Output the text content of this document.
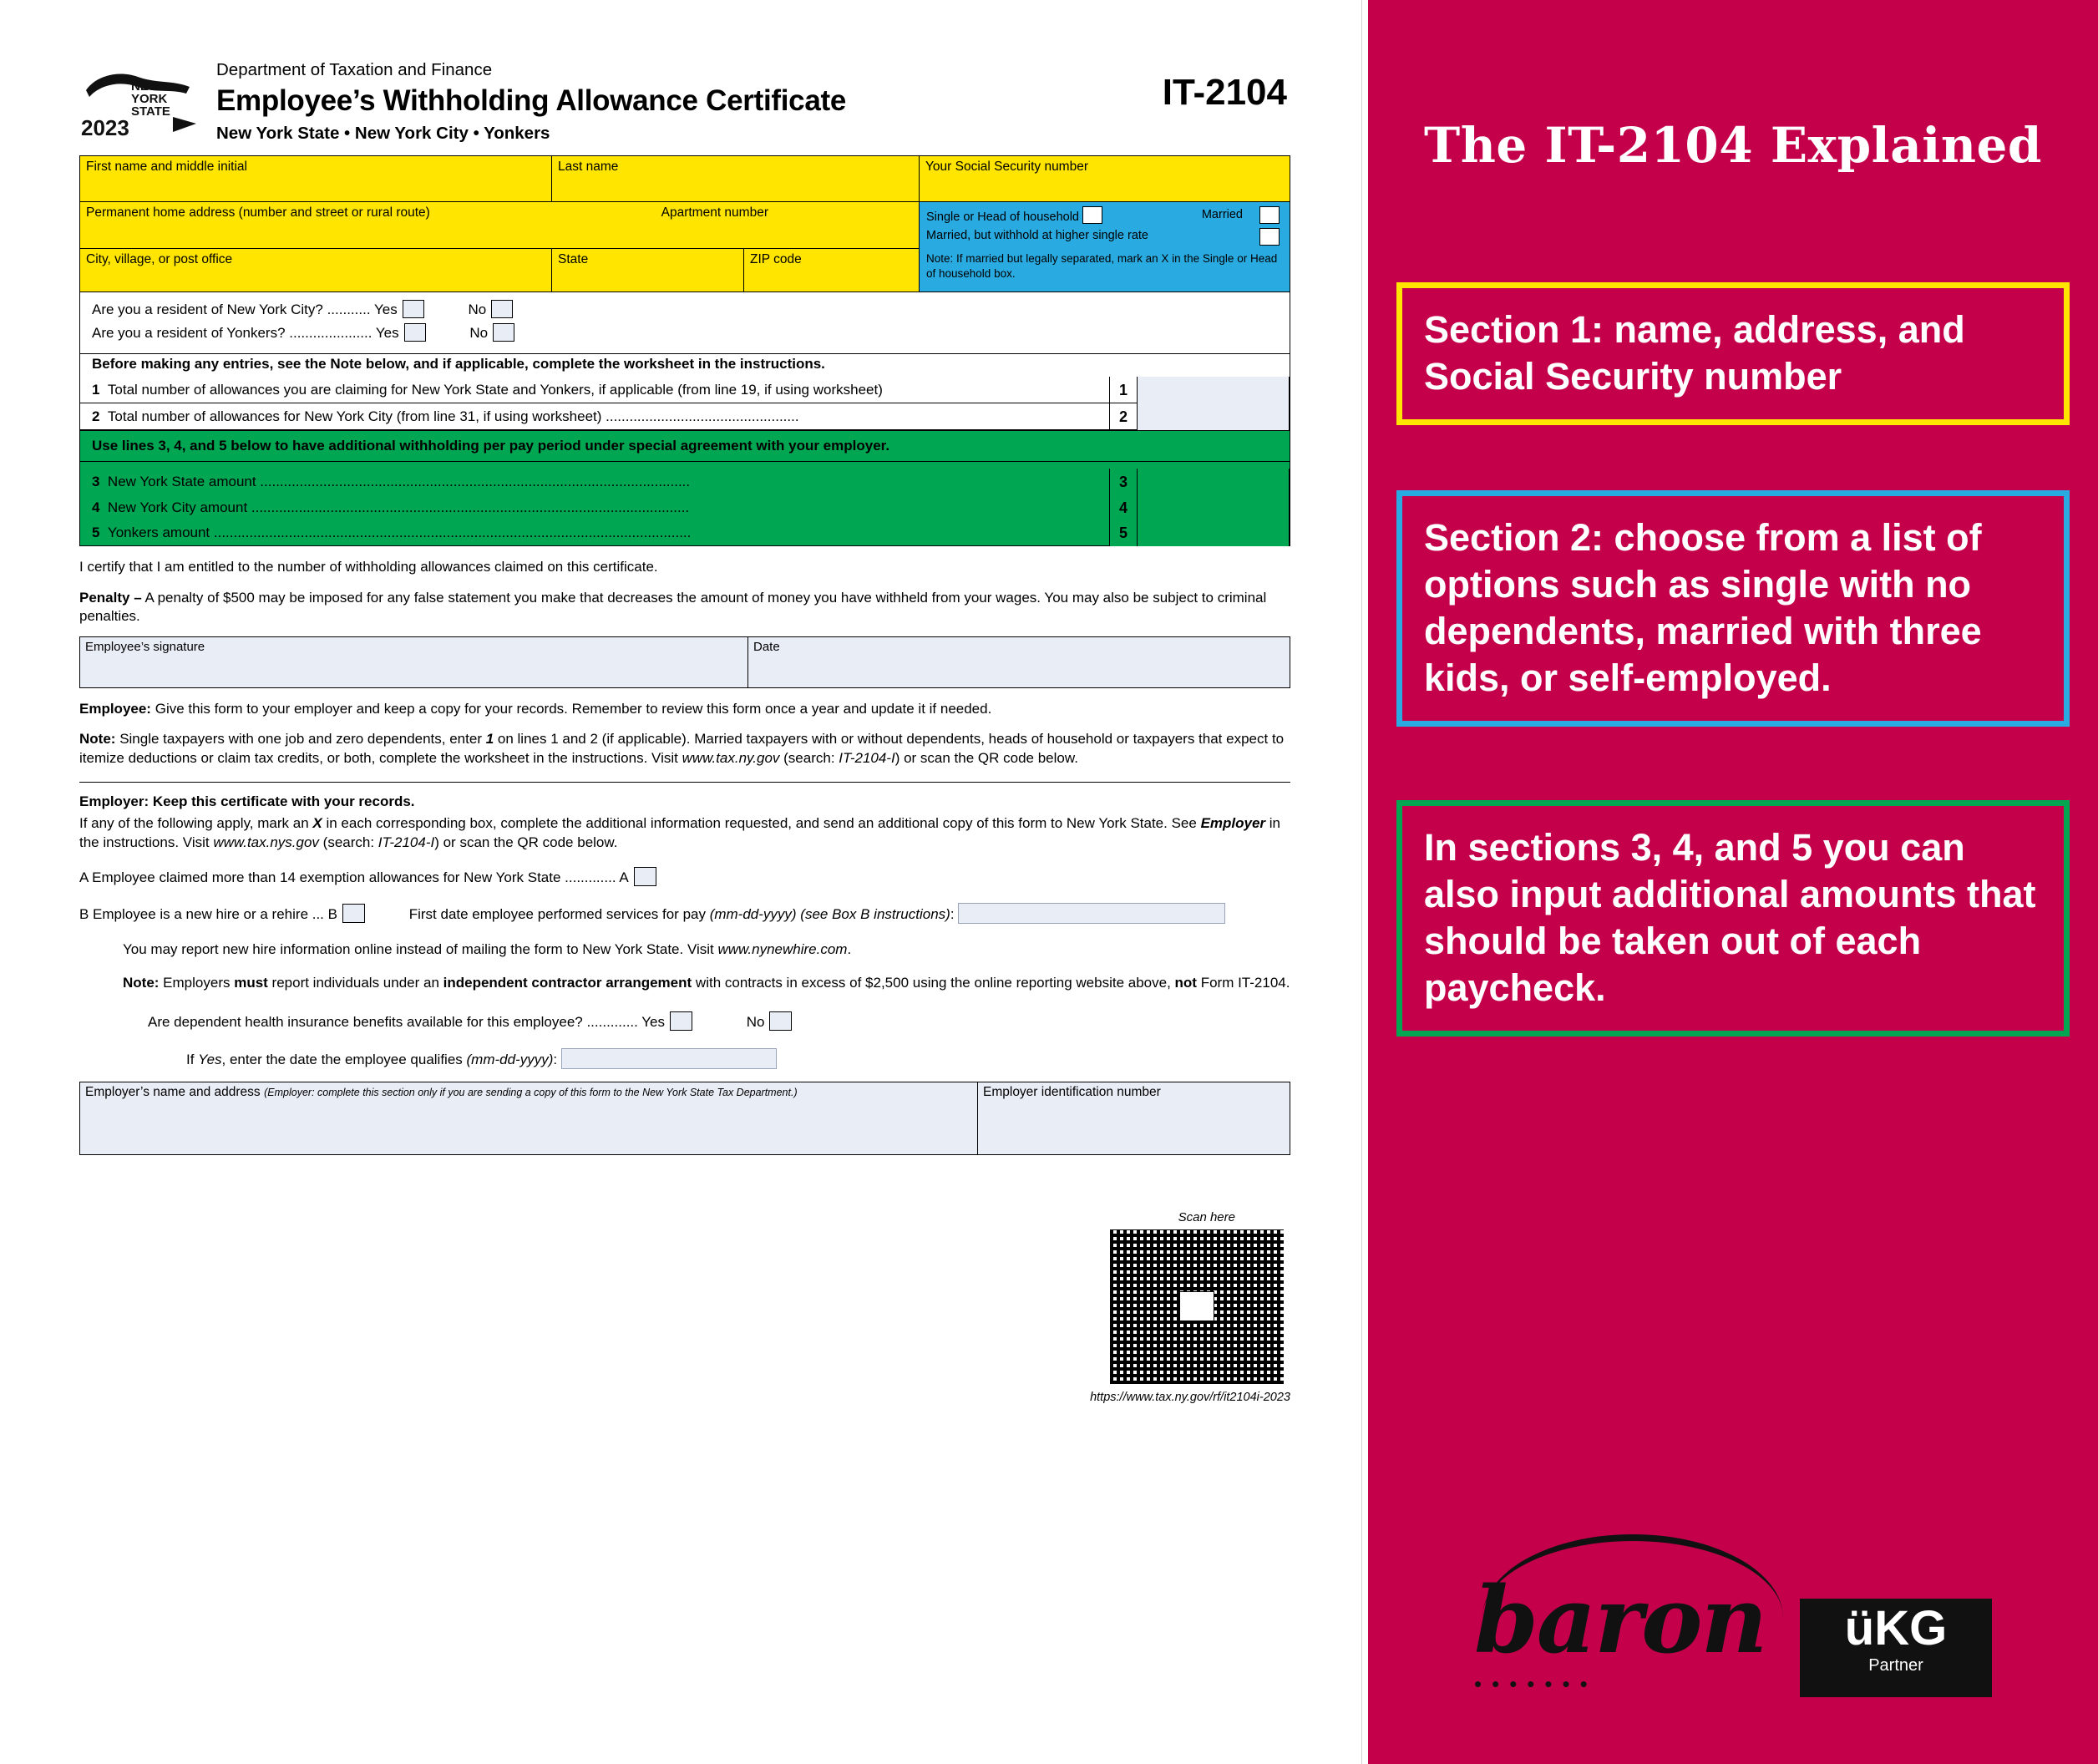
NEW
YORK
STATE
2023
Department of Taxation and Finance
Employee’s Withholding Allowance Certificate
New York State • New York City • Yonkers
IT-2104
First name and middle initial	Last name
Permanent home address (number and street or rural route)	Apartment number
City, village, or post office	State	ZIP code
Your Social Security number
Single or Head of household	Married
Married, but withhold at higher single rate
Note: If married but legally separated, mark an X in the Single or Head of household box.
Are you a resident of New York City? ........... Yes	No
Are you a resident of Yonkers? ..................... Yes	No
Before making any entries, see the Note below, and if applicable, complete the worksheet in the instructions.
1 Total number of allowances you are claiming for New York State and Yonkers, if applicable (from line 19, if using worksheet)	1
2 Total number of allowances for New York City (from line 31, if using worksheet) .................................................	2
Use lines 3, 4, and 5 below to have additional withholding per pay period under special agreement with your employer.
3 New York State amount .............................................................................................................	3
4 New York City amount ...............................................................................................................	4
5 Yonkers amount .........................................................................................................................	5

I certify that I am entitled to the number of withholding allowances claimed on this certificate.

Penalty – A penalty of $500 may be imposed for any false statement you make that decreases the amount of money you have withheld from your wages. You may also be subject to criminal penalties.

Employee’s signature	Date

Employee: Give this form to your employer and keep a copy for your records. Remember to review this form once a year and update it if needed.

Note: Single taxpayers with one job and zero dependents, enter 1 on lines 1 and 2 (if applicable). Married taxpayers with or without dependents, heads of household or taxpayers that expect to itemize deductions or claim tax credits, or both, complete the worksheet in the instructions. Visit www.tax.ny.gov (search: IT-2104-I) or scan the QR code below.

Employer: Keep this certificate with your records.

If any of the following apply, mark an X in each corresponding box, complete the additional information requested, and send an additional copy of this form to New York State. See Employer in the instructions. Visit www.tax.nys.gov (search: IT-2104-I) or scan the QR code below.

A Employee claimed more than 14 exemption allowances for New York State ............. A
B Employee is a new hire or a rehire ... B	First date employee performed services for pay (mm-dd-yyyy) (see Box B instructions):

You may report new hire information online instead of mailing the form to New York State. Visit www.nynewhire.com.

Note: Employers must report individuals under an independent contractor arrangement with contracts in excess of $2,500 using the online reporting website above, not Form IT-2104.

Are dependent health insurance benefits available for this employee? ............. Yes	No
If Yes, enter the date the employee qualifies (mm-dd-yyyy):
Employer’s name and address (Employer: complete this section only if you are sending a copy of this form to the New York State Tax Department.)	Employer identification number
Scan here
https://www.tax.ny.gov/rf/it2104i-2023
The IT-2104 Explained

Section 1: name, address, and Social Security number

Section 2: choose from a list of options such as single with no dependents, married with three kids, or self-employed.

In sections 3, 4, and 5 you can also input additional amounts that should be taken out of each paycheck.

baron
•••••••
üKG
Partner
